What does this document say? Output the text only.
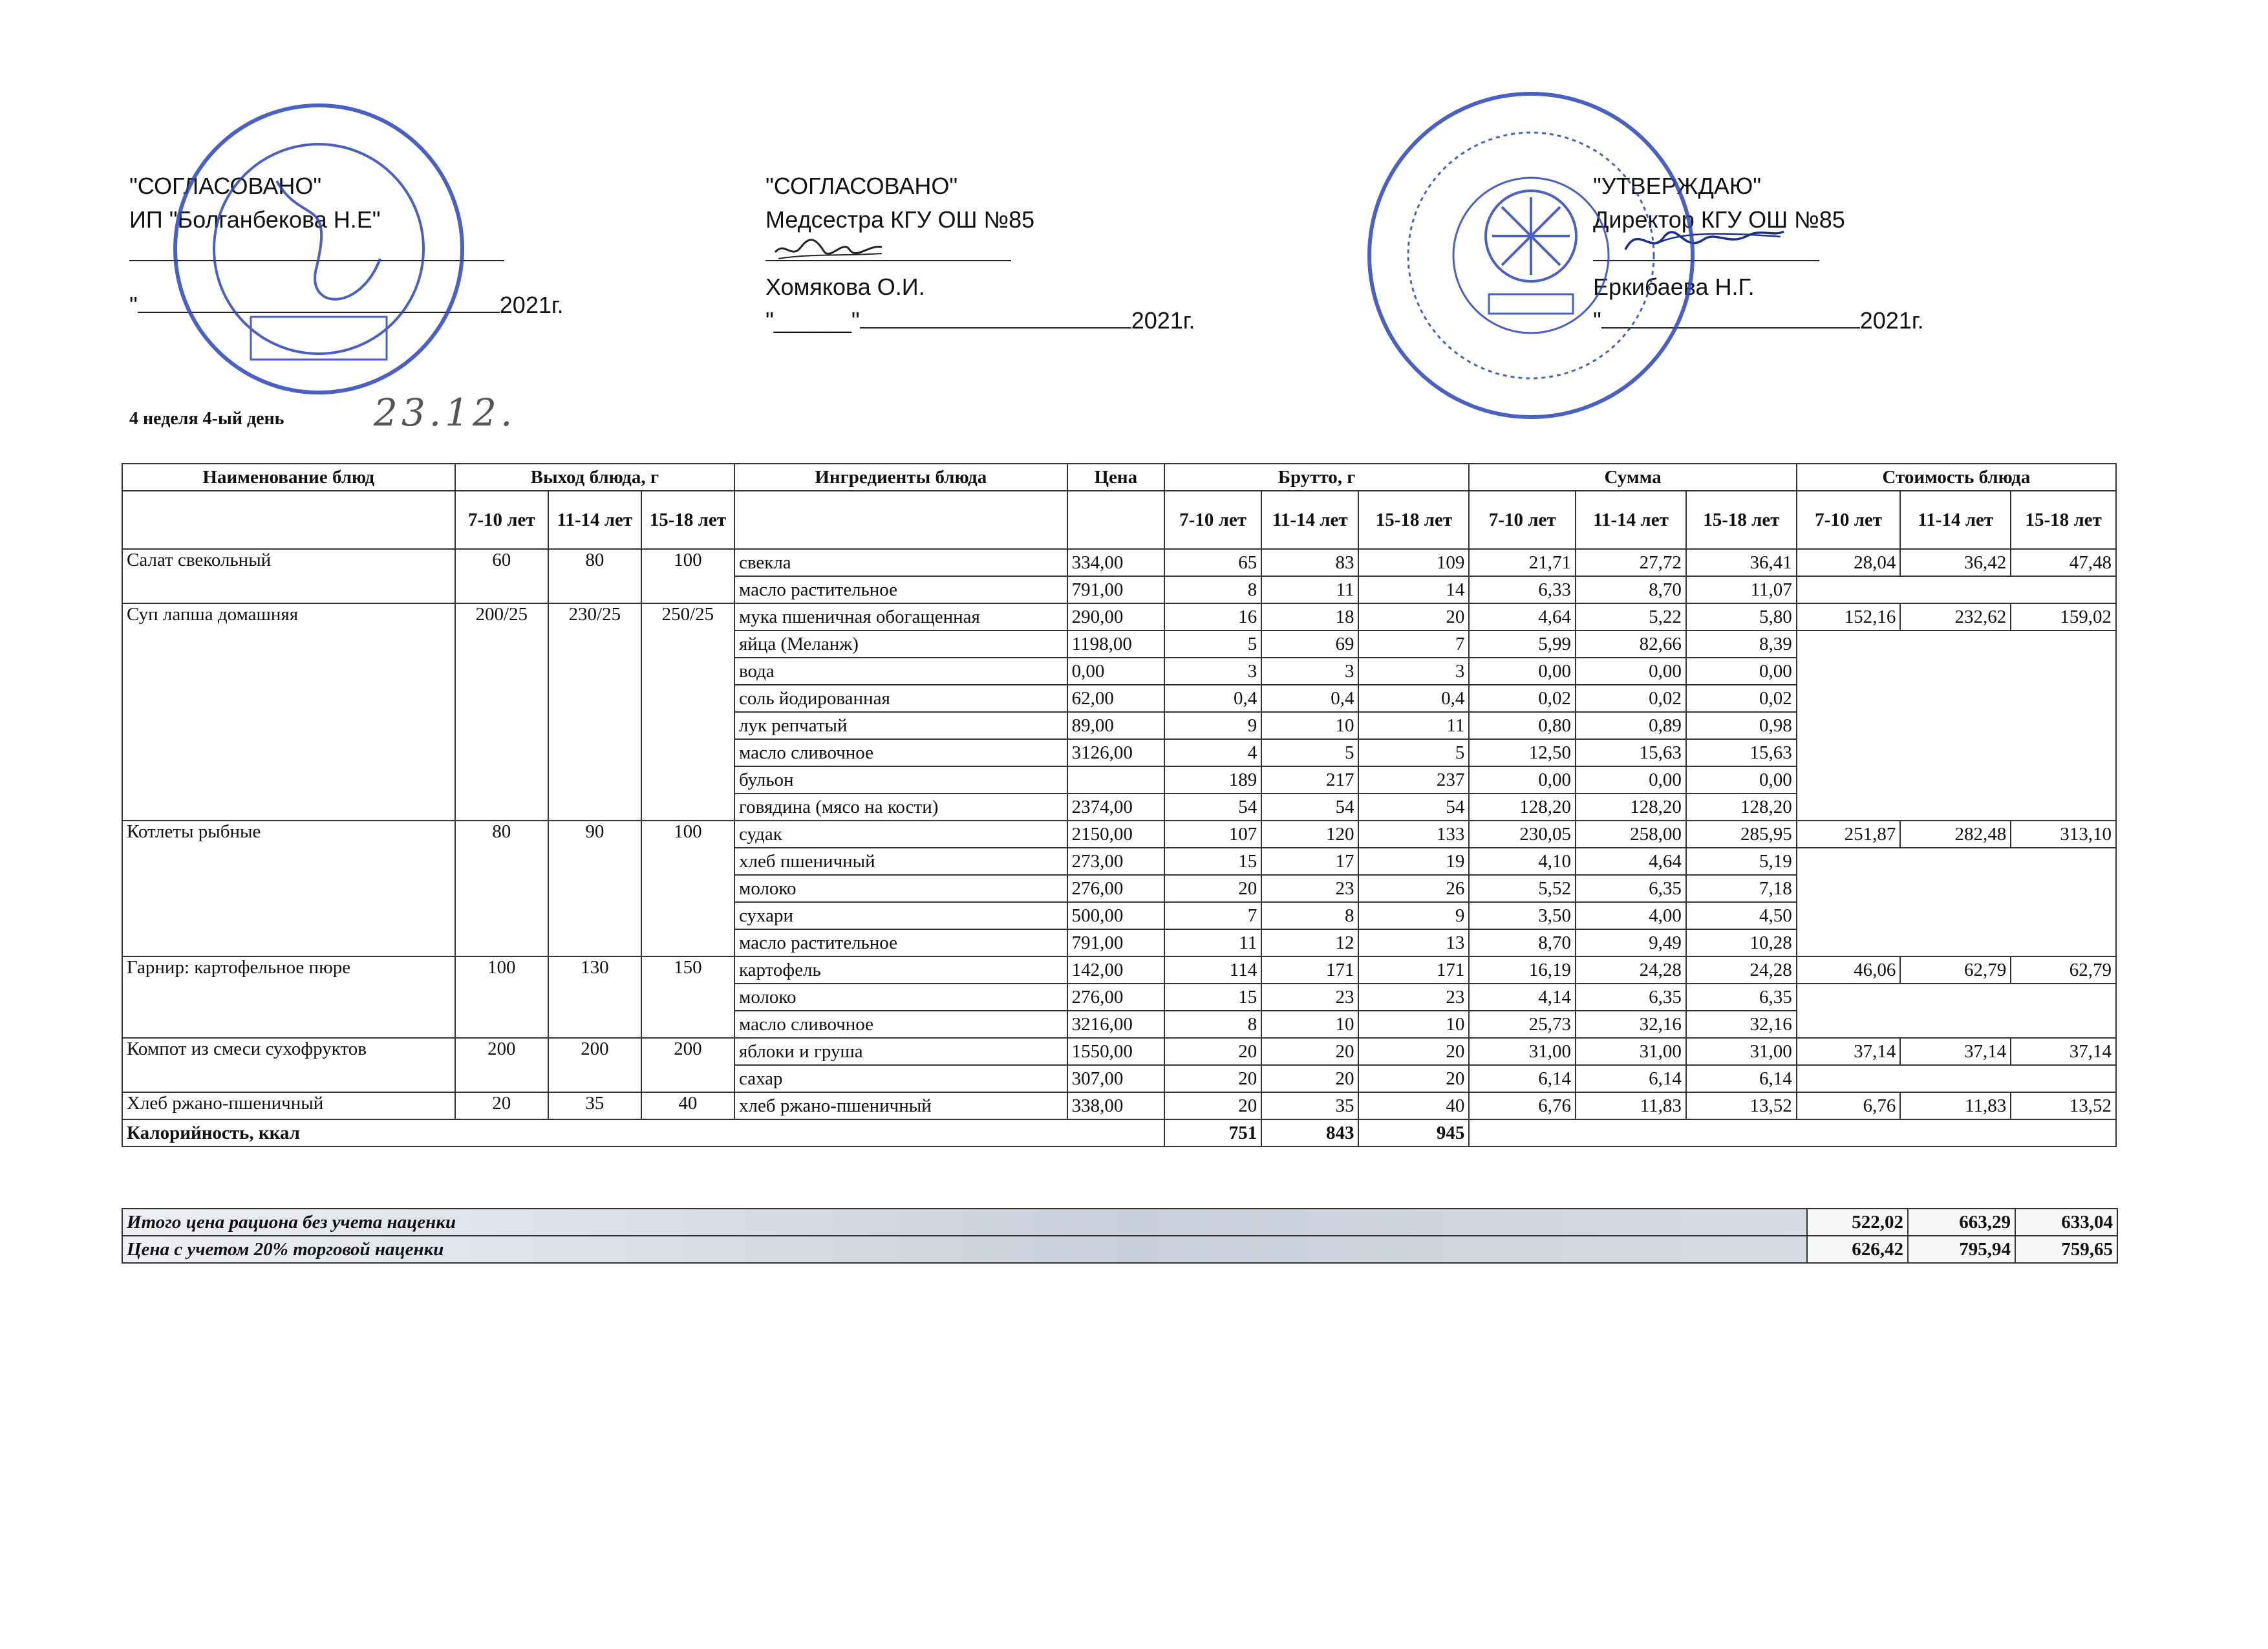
"СОГЛАСОВАНО"
ИП "Болганбекова Н.Е"
"	2021г.
"СОГЛАСОВАНО"
Медсестра КГУ ОШ №85
Хомякова О.И.
"______"	2021г.
"УТВЕРЖДАЮ"
Директор КГУ ОШ №85
Еркибаева Н.Г.
"	2021г.
4 неделя 4-ый день 23.12.
Наименование блюд	Выход блюда, г			Ингредиенты блюда	Цена	Брутто, г			Сумма			Стоимость блюда		
	7-10 лет	11-14 лет	15-18 лет			7-10 лет	11-14 лет	15-18 лет	7-10 лет	11-14 лет	15-18 лет	7-10 лет	11-14 лет	15-18 лет
Салат свекольный	60	80	100	свекла	334,00	65	83	109	21,71	27,72	36,41	28,04	36,42	47,48
				масло растительное	791,00	8	11	14	6,33	8,70	11,07			
Суп лапша домашняя	200/25	230/25	250/25	мука пшеничная обогащенная	290,00	16	18	20	4,64	5,22	5,80	152,16	232,62	159,02
				яйца (Меланж)	1198,00	5	69	7	5,99	82,66	8,39			
				вода	0,00	3	3	3	0,00	0,00	0,00			
				соль йодированная	62,00	0,4	0,4	0,4	0,02	0,02	0,02			
				лук репчатый	89,00	9	10	11	0,80	0,89	0,98			
				масло сливочное	3126,00	4	5	5	12,50	15,63	15,63			
				бульон		189	217	237	0,00	0,00	0,00			
				говядина (мясо на кости)	2374,00	54	54	54	128,20	128,20	128,20			
Котлеты рыбные	80	90	100	судак	2150,00	107	120	133	230,05	258,00	285,95	251,87	282,48	313,10
				хлеб пшеничный	273,00	15	17	19	4,10	4,64	5,19			
				молоко	276,00	20	23	26	5,52	6,35	7,18			
				сухари	500,00	7	8	9	3,50	4,00	4,50			
				масло растительное	791,00	11	12	13	8,70	9,49	10,28			
Гарнир: картофельное пюре	100	130	150	картофель	142,00	114	171	171	16,19	24,28	24,28	46,06	62,79	62,79
				молоко	276,00	15	23	23	4,14	6,35	6,35			
				масло сливочное	3216,00	8	10	10	25,73	32,16	32,16			
Компот из смеси сухофруктов	200	200	200	яблоки и груша	1550,00	20	20	20	31,00	31,00	31,00	37,14	37,14	37,14
				сахар	307,00	20	20	20	6,14	6,14	6,14			
Хлеб ржано-пшеничный	20	35	40	хлеб ржано-пшеничный	338,00	20	35	40	6,76	11,83	13,52	6,76	11,83	13,52
Калорийность, ккал						751	843	945						
Итого цена рациона без учета наценки	522,02	663,29	633,04
Цена с учетом 20% торговой наценки	626,42	795,94	759,65
